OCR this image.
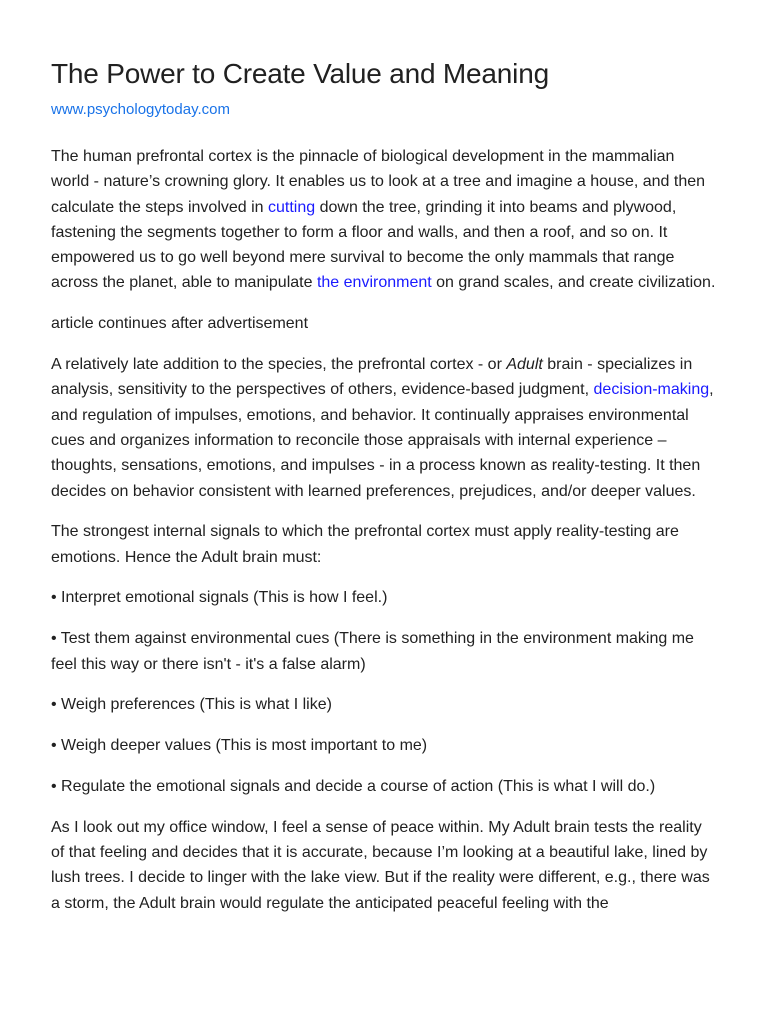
The Power to Create Value and Meaning
www.psychologytoday.com

The human prefrontal cortex is the pinnacle of biological development in the mammalian world - nature’s crowning glory. It enables us to look at a tree and imagine a house, and then calculate the steps involved in cutting down the tree, grinding it into beams and plywood, fastening the segments together to form a floor and walls, and then a roof, and so on. It empowered us to go well beyond mere survival to become the only mammals that range across the planet, able to manipulate the environment on grand scales, and create civilization.

article continues after advertisement

A relatively late addition to the species, the prefrontal cortex - or Adult brain - specializes in analysis, sensitivity to the perspectives of others, evidence-based judgment, decision-making, and regulation of impulses, emotions, and behavior. It continually appraises environmental cues and organizes information to reconcile those appraisals with internal experience – thoughts, sensations, emotions, and impulses - in a process known as reality-testing. It then decides on behavior consistent with learned preferences, prejudices, and/or deeper values.

The strongest internal signals to which the prefrontal cortex must apply reality-testing are emotions. Hence the Adult brain must:

• Interpret emotional signals (This is how I feel.)

• Test them against environmental cues (There is something in the environment making me feel this way or there isn't - it's a false alarm)

• Weigh preferences (This is what I like)

• Weigh deeper values (This is most important to me)

• Regulate the emotional signals and decide a course of action (This is what I will do.)

As I look out my office window, I feel a sense of peace within. My Adult brain tests the reality of that feeling and decides that it is accurate, because I’m looking at a beautiful lake, lined by lush trees. I decide to linger with the lake view. But if the reality were different, e.g., there was a storm, the Adult brain would regulate the anticipated peaceful feeling with the
